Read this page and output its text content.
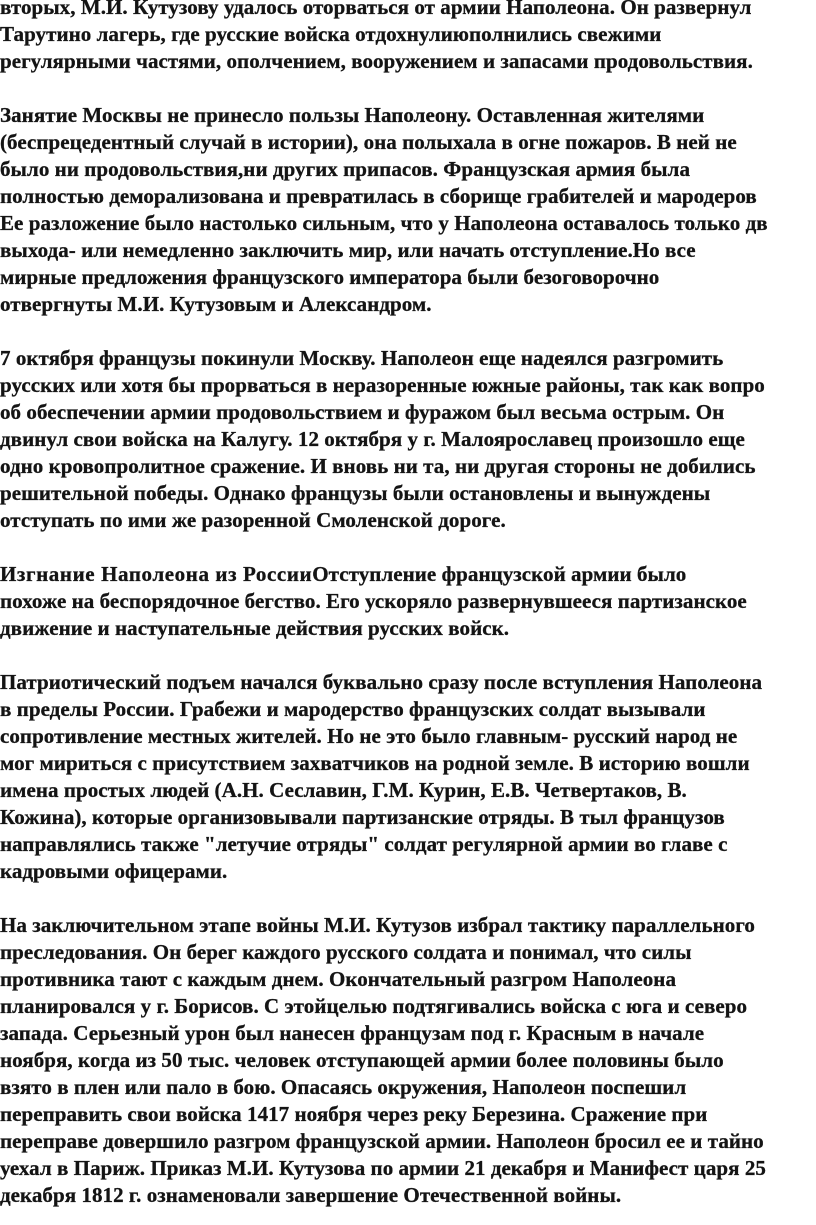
вторых, М.И. Кутузову удалось оторваться от армии Наполеона. Он развернул
Тарутино лагерь, где русские войска отдохнулиюполнились свежими
регулярными частями, ополчением, вооружением и запасами продовольствия.

Занятие Москвы не принесло пользы Наполеону. Оставленная жителями
(беспрецедентный случай в истории), она полыхала в огне пожаров. В ней не
было ни продовольствия,ни других припасов. Французская армия была
полностью деморализована и превратилась в сборище грабителей и мародеров
Ее разложение было настолько сильным, что у Наполеона оставалось только дв
выхода- или немедленно заключить мир, или начать отступление.Но все
мирные предложения французского императора были безоговорочно
отвергнуты М.И. Кутузовым и Александром.

7 октября французы покинули Москву. Наполеон еще надеялся разгромить
русских или хотя бы прорваться в неразоренные южные районы, так как вопро
об обеспечении армии продовольствием и фуражом был весьма острым. Он
двинул свои войска на Калугу. 12 октября у г. Малоярославец произошло еще
одно кровопролитное сражение. И вновь ни та, ни другая стороны не добились
решительной победы. Однако французы были остановлены и вынуждены
отступать по ими же разоренной Смоленской дороге.

Изгнание Наполеона из РоссииОтступление французской армии было
похоже на беспорядочное бегство. Его ускоряло развернувшееся партизанское
движение и наступательные действия русских войск.

Патриотический подъем начался буквально сразу после вступления Наполеона
в пределы России. Грабежи и мародерство французских солдат вызывали
сопротивление местных жителей. Но не это было главным- русский народ не
мог мириться с присутствием захватчиков на родной земле. В историю вошли
имена простых людей (А.Н. Сеславин, Г.М. Курин, Е.В. Четвертаков, В.
Кожина), которые организовывали партизанские отряды. В тыл французов
направлялись также "летучие отряды" солдат регулярной армии во главе с
кадровыми офицерами.

На заключительном этапе войны М.И. Кутузов избрал тактику параллельного
преследования. Он берег каждого русского солдата и понимал, что силы
противника тают с каждым днем. Окончательный разгром Наполеона
планировался у г. Борисов. С этойцелью подтягивались войска с юга и северо
запада. Серьезный урон был нанесен французам под г. Красным в начале
ноября, когда из 50 тыс. человек отступающей армии более половины было
взято в плен или пало в бою. Опасаясь окружения, Наполеон поспешил
переправить свои войска 1417 ноября через реку Березина. Сражение при
переправе довершило разгром французской армии. Наполеон бросил ее и тайно
уехал в Париж. Приказ М.И. Кутузова по армии 21 декабря и Манифест царя 25
декабря 1812 г. ознаменовали завершение Отечественной войны.
